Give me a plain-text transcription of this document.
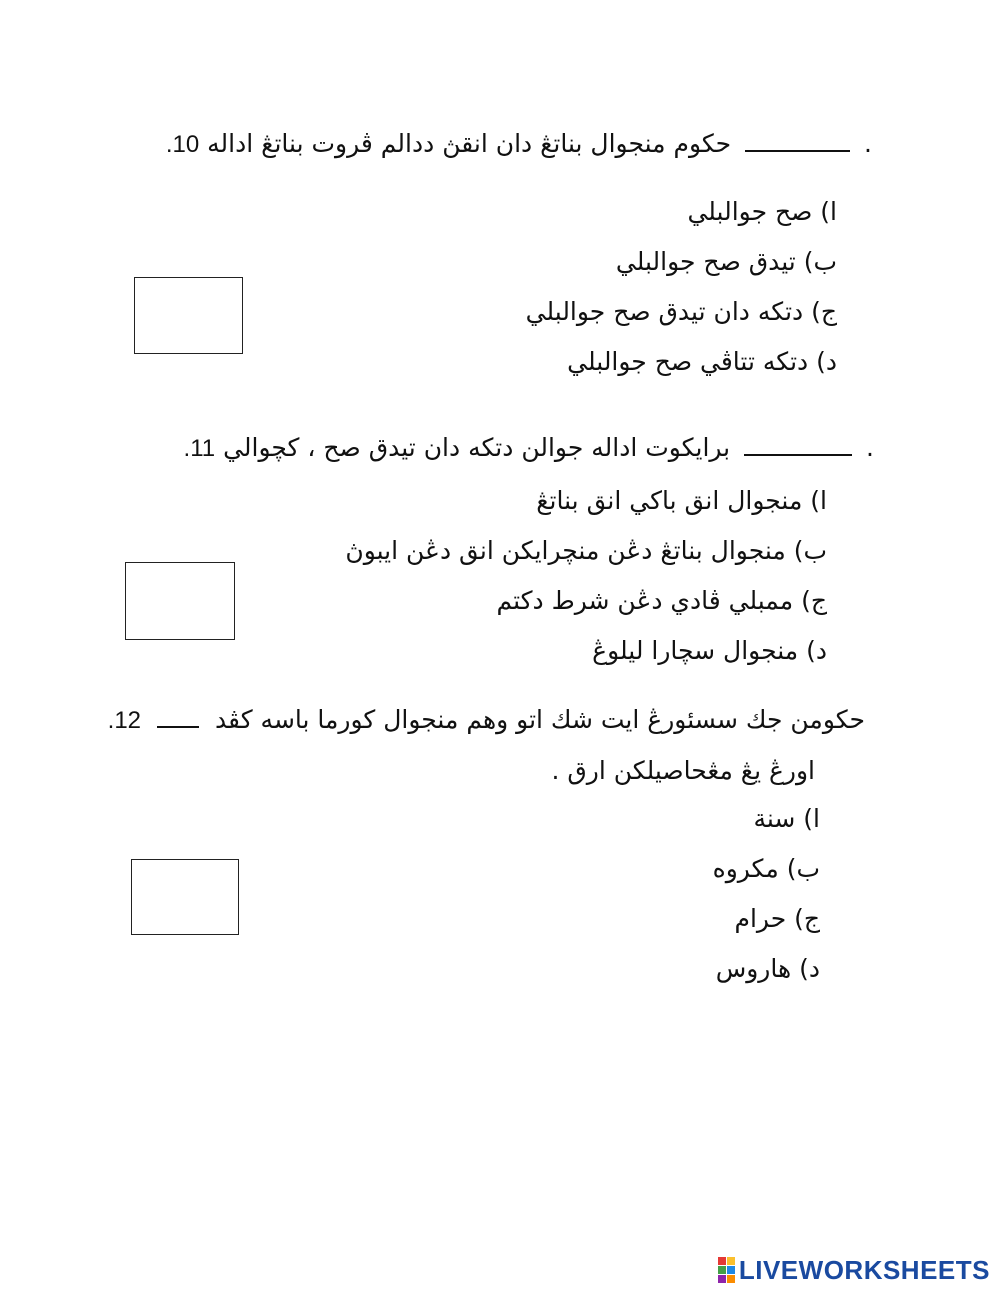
.  حكوم منجوال بناتڠ دان انقڽ ددالم ڤروت بناتڠ اداله 10.
ا) صح جوالبلي
ب) تيدق صح جوالبلي
ج) دتكه دان تيدق صح جوالبلي
د) دتكه تتاڤي صح جوالبلي
.  برايكوت اداله جوالن دتكه دان تيدق صح ، كچوالي 11.
ا) منجوال انق باكي انق بناتڠ
ب) منجوال بناتڠ دڠن منچرايكن انق دڠن ايبوڽ
ج) ممبلي ڤادي دڠن شرط دكتم
د) منجوال سچارا ليلوڠ
حكومن جك سسئورڠ ايت شك اتو وهم منجوال كورما باسه كڤد  12.
اورڠ يڠ مڠحاصيلكن ارق .
ا) سنة
ب) مكروه
ج) حرام
د) هاروس
LIVEWORKSHEETS
